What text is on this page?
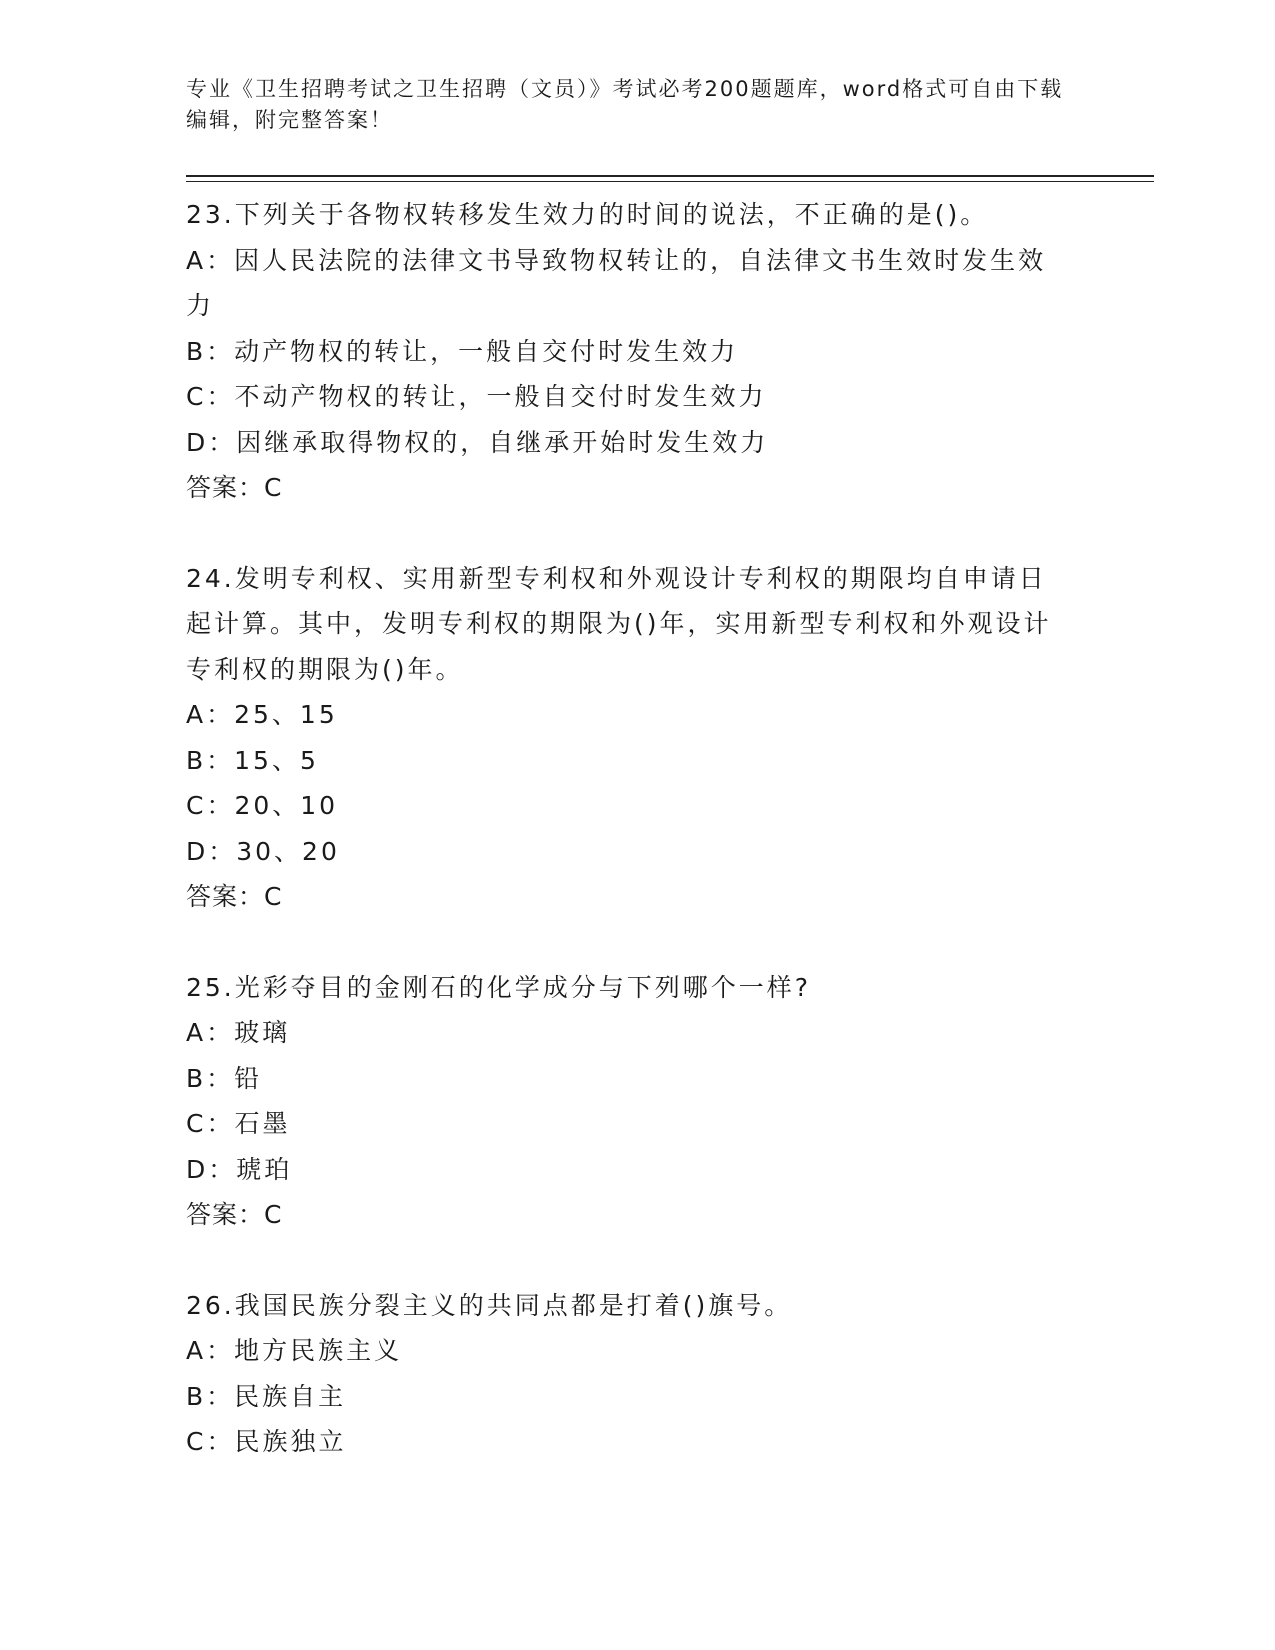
专业《卫生招聘考试之卫生招聘（文员）》考试必考200题题库，word格式可自由下载编辑，附完整答案！
23.下列关于各物权转移发生效力的时间的说法，不正确的是()。
A：因人民法院的法律文书导致物权转让的，自法律文书生效时发生效力
B：动产物权的转让，一般自交付时发生效力
C：不动产物权的转让，一般自交付时发生效力
D：因继承取得物权的，自继承开始时发生效力
答案：C
24.发明专利权、实用新型专利权和外观设计专利权的期限均自申请日起计算。其中，发明专利权的期限为()年，实用新型专利权和外观设计专利权的期限为()年。
A：25、15
B：15、5
C：20、10
D：30、20
答案：C
25.光彩夺目的金刚石的化学成分与下列哪个一样?
A：玻璃
B：铅
C：石墨
D：琥珀
答案：C
26.我国民族分裂主义的共同点都是打着()旗号。
A：地方民族主义
B：民族自主
C：民族独立
